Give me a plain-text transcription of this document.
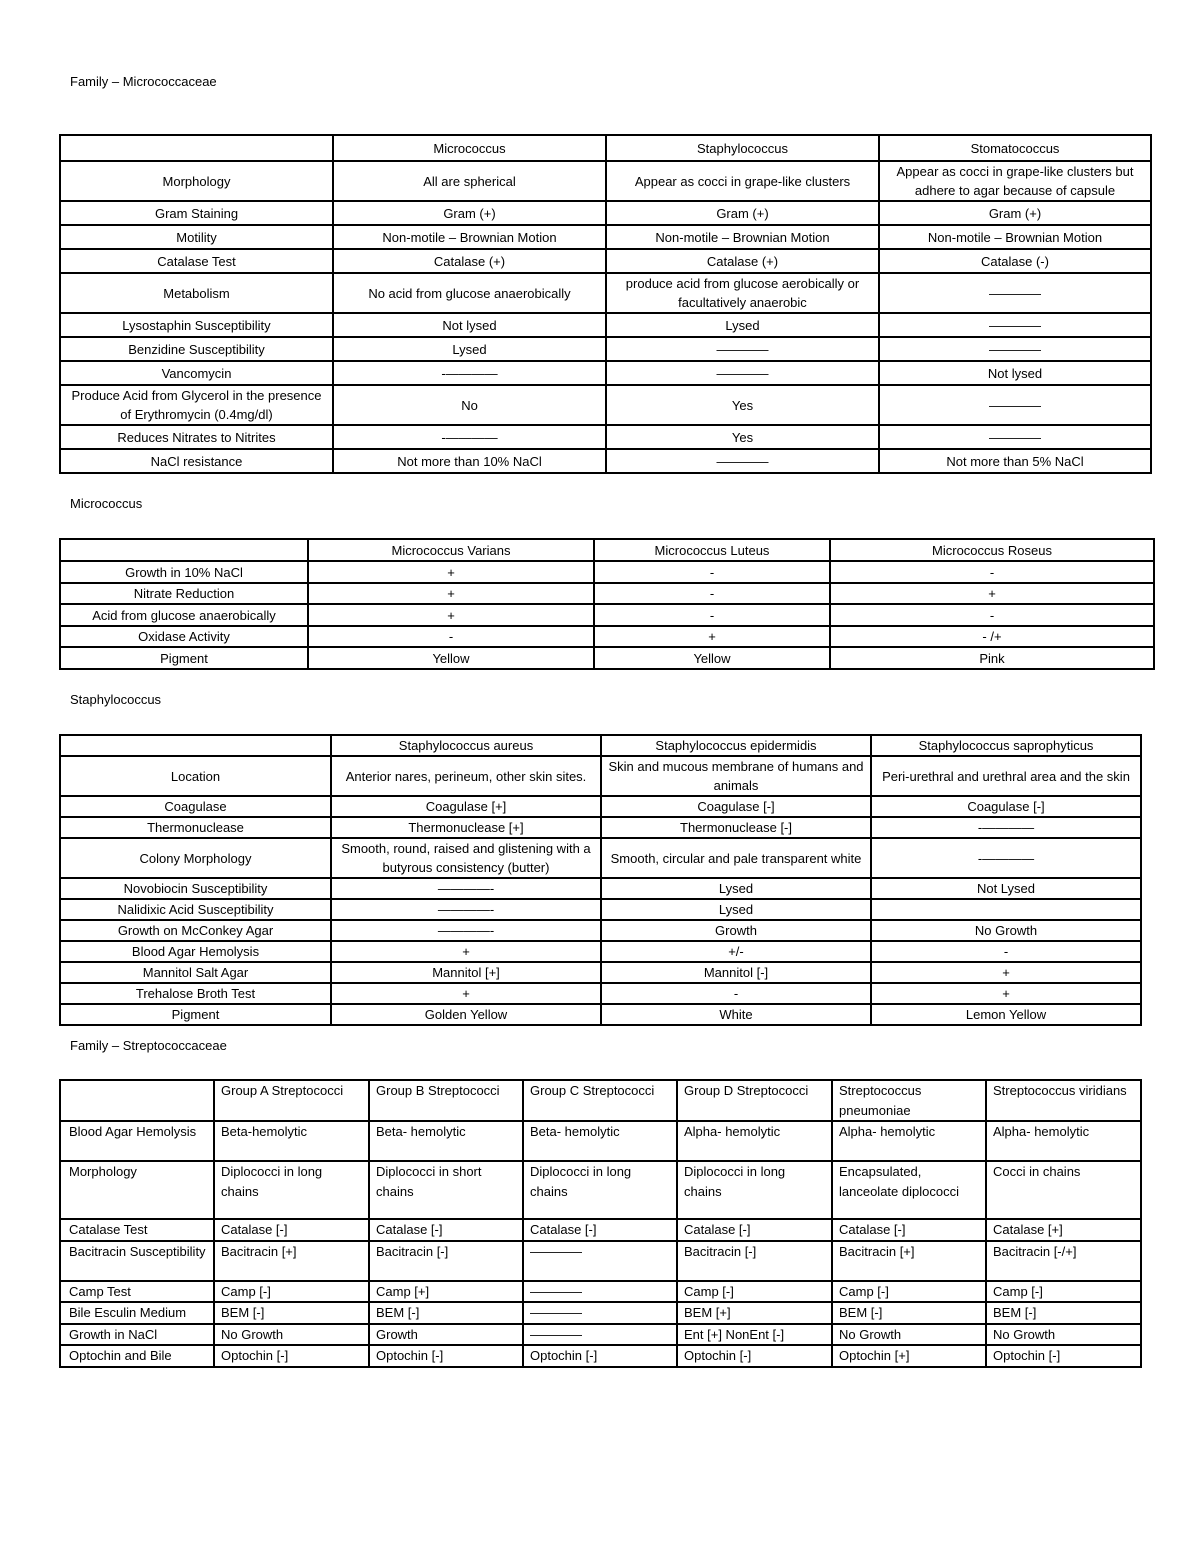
Family – Micrococcaceae
	Micrococcus	Staphylococcus	Stomatococcus
Morphology	All are spherical	Appear as cocci in grape-like clusters	Appear as cocci in grape-like clusters but adhere to agar because of capsule
Gram Staining	Gram (+)	Gram (+)	Gram (+)
Motility	Non-motile – Brownian Motion	Non-motile – Brownian Motion	Non-motile – Brownian Motion
Catalase Test	Catalase (+)	Catalase (+)	Catalase (-)
Metabolism	No acid from glucose anaerobically	produce acid from glucose aerobically or facultatively anaerobic	————
Lysostaphin Susceptibility	Not lysed	Lysed	————
Benzidine Susceptibility	Lysed	————	————
Vancomycin	-————	————	Not lysed
Produce Acid from Glycerol in the presence of Erythromycin (0.4mg/dl)	No	Yes	————
Reduces Nitrates to Nitrites	-————	Yes	————
NaCl resistance	Not more than 10% NaCl	————	Not more than 5% NaCl
Micrococcus
	Micrococcus Varians	Micrococcus Luteus	Micrococcus Roseus
Growth in 10% NaCl	+	-	-
Nitrate Reduction	+	-	+
Acid from glucose anaerobically	+	-	-
Oxidase Activity	-	+	- /+
Pigment	Yellow	Yellow	Pink
Staphylococcus
	Staphylococcus aureus	Staphylococcus epidermidis	Staphylococcus saprophyticus
Location	Anterior nares, perineum, other skin sites.	Skin and mucous membrane of humans and animals	Peri-urethral and urethral area and the skin
Coagulase	Coagulase [+]	Coagulase [-]	Coagulase [-]
Thermonuclease	Thermonuclease [+]	Thermonuclease [-]	-————
Colony Morphology	Smooth, round, raised and glistening with a butyrous consistency (butter)	Smooth, circular and pale transparent white	-————
Novobiocin Susceptibility	————-	Lysed	Not Lysed
Nalidixic Acid Susceptibility	————-	Lysed	
Growth on McConkey Agar	————-	Growth	No Growth
Blood Agar Hemolysis	+	+/-	-
Mannitol Salt Agar	Mannitol [+]	Mannitol [-]	+
Trehalose Broth Test	+	-	+
Pigment	Golden Yellow	White	Lemon Yellow
Family – Streptococcaceae
	Group A Streptococci	Group B Streptococci	Group C Streptococci	Group D Streptococci	Streptococcus pneumoniae	Streptococcus viridians
Blood Agar Hemolysis	Beta-hemolytic	Beta- hemolytic	Beta- hemolytic	Alpha- hemolytic	Alpha- hemolytic	Alpha- hemolytic
Morphology	Diplococci in long chains	Diplococci in short chains	Diplococci in long chains	Diplococci in long chains	Encapsulated, lanceolate diplococci	Cocci in chains
Catalase Test	Catalase [-]	Catalase [-]	Catalase [-]	Catalase [-]	Catalase [-]	Catalase [+]
Bacitracin Susceptibility	Bacitracin [+]	Bacitracin [-]	————	Bacitracin [-]	Bacitracin [+]	Bacitracin [-/+]
Camp Test	Camp [-]	Camp [+]	————	Camp [-]	Camp [-]	Camp [-]
Bile Esculin Medium	BEM [-]	BEM [-]	————	BEM [+]	BEM [-]	BEM [-]
Growth in NaCl	No Growth	Growth	————	Ent [+] NonEnt [-]	No Growth	No Growth
Optochin and Bile	Optochin [-]	Optochin [-]	Optochin [-]	Optochin [-]	Optochin [+]	Optochin [-]
